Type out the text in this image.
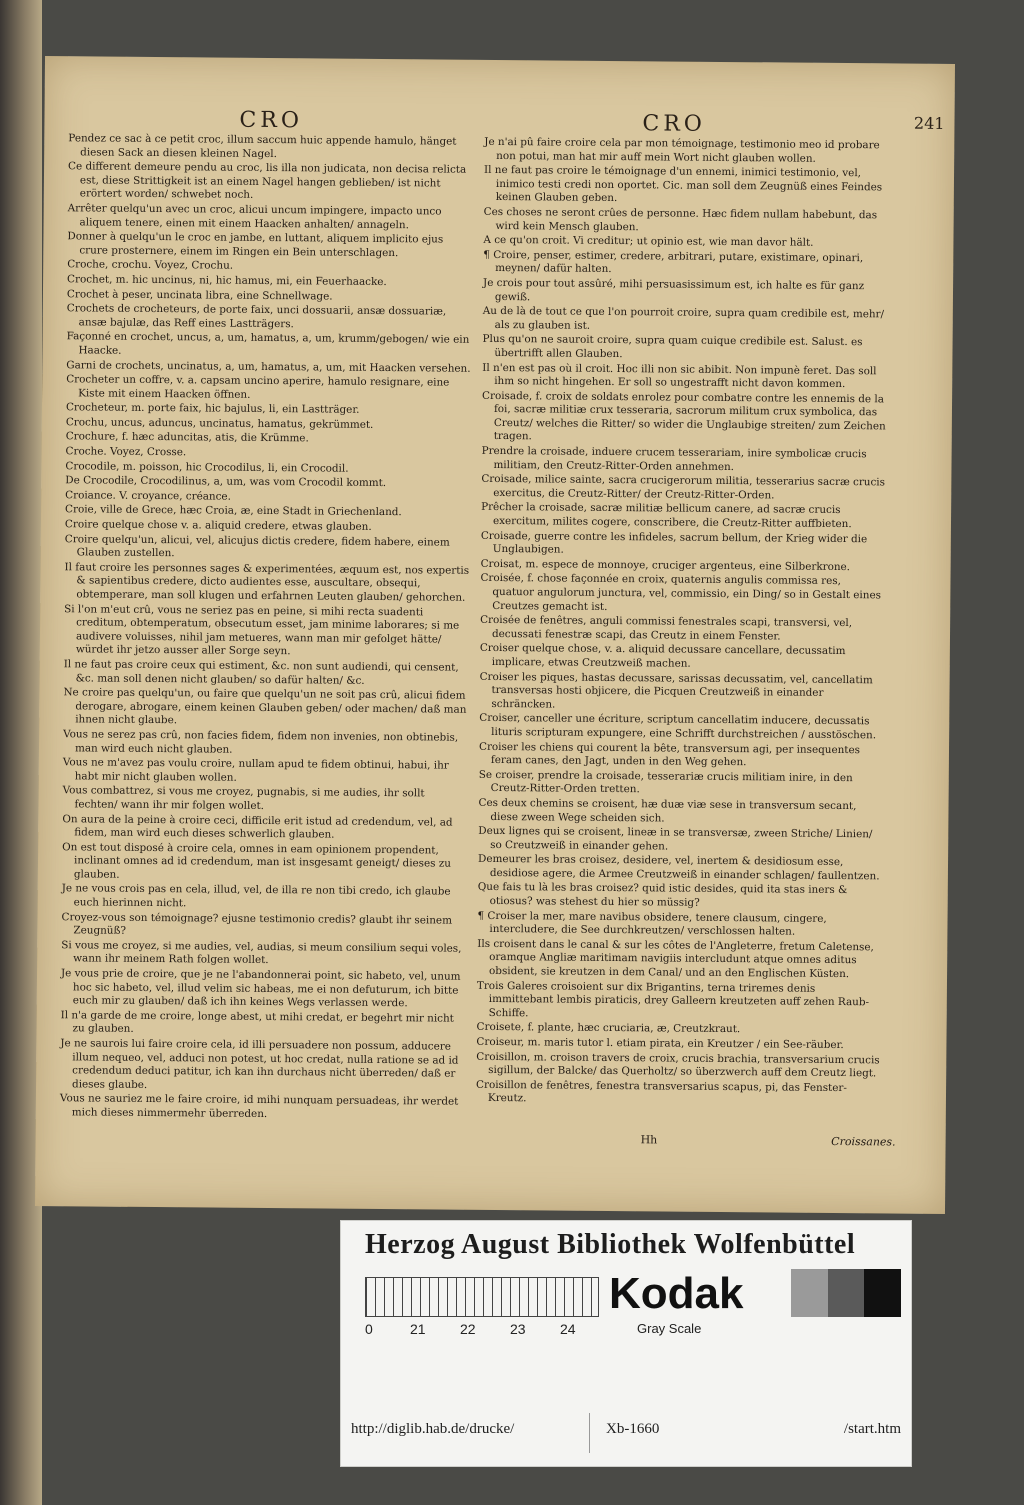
CRO	CRO	241
Pendez ce sac à ce petit croc, illum saccum huic appende hamulo, hänget diesen Sack an diesen kleinen Nagel.
Ce different demeure pendu au croc, lis illa non judicata, non decisa relicta est, diese Strittigkeit ist an einem Nagel hangen geblieben/ ist nicht erörtert worden/ schwebet noch.
Arrêter quelqu'un avec un croc, alicui uncum impingere, impacto unco aliquem tenere, einen mit einem Haacken anhalten/ annageln.
Donner à quelqu'un le croc en jambe, en luttant, aliquem implicito ejus crure prosternere, einem im Ringen ein Bein unterschlagen.
Croche, crochu. Voyez, Crochu.
Crochet, m. hic uncinus, ni, hic hamus, mi, ein Feuerhaacke.
Crochet à peser, uncinata libra, eine Schnellwage.
Crochets de crocheteurs, de porte faix, unci dossuarii, ansæ dossuariæ, ansæ bajulæ, das Reff eines Lastträgers.
Façonné en crochet, uncus, a, um, hamatus, a, um, krumm/gebogen/ wie ein Haacke.
Garni de crochets, uncinatus, a, um, hamatus, a, um, mit Haacken versehen.
Crocheter un coffre, v. a. capsam uncino aperire, hamulo resignare, eine Kiste mit einem Haacken öffnen.
Crocheteur, m. porte faix, hic bajulus, li, ein Lastträger.
Crochu, uncus, aduncus, uncinatus, hamatus, gekrümmet.
Crochure, f. hæc aduncitas, atis, die Krümme.
Croche. Voyez, Crosse.
Crocodile, m. poisson, hic Crocodilus, li, ein Crocodil.
De Crocodile, Crocodilinus, a, um, was vom Crocodil kommt.
Croiance. V. croyance, créance.
Croie, ville de Grece, hæc Croia, æ, eine Stadt in Griechenland.
Croire quelque chose v. a. aliquid credere, etwas glauben.
Croire quelqu'un, alicui, vel, alicujus dictis credere, fidem habere, einem Glauben zustellen.
Il faut croire les personnes sages & experimentées, æquum est, nos expertis & sapientibus credere, dicto audientes esse, auscultare, obsequi, obtemperare, man soll klugen und erfahrnen Leuten glauben/ gehorchen.
Si l'on m'eut crû, vous ne seriez pas en peine, si mihi recta suadenti creditum, obtemperatum, obsecutum esset, jam minime laborares; si me audivere voluisses, nihil jam metueres, wann man mir gefolget hätte/ würdet ihr jetzo ausser aller Sorge seyn.
Il ne faut pas croire ceux qui estiment, &c. non sunt audiendi, qui censent, &c. man soll denen nicht glauben/ so dafür halten/ &c.
Ne croire pas quelqu'un, ou faire que quelqu'un ne soit pas crû, alicui fidem derogare, abrogare, einem keinen Glauben geben/ oder machen/ daß man ihnen nicht glaube.
Vous ne serez pas crû, non facies fidem, fidem non invenies, non obtinebis, man wird euch nicht glauben.
Vous ne m'avez pas voulu croire, nullam apud te fidem obtinui, habui, ihr habt mir nicht glauben wollen.
Vous combattrez, si vous me croyez, pugnabis, si me audies, ihr sollt fechten/ wann ihr mir folgen wollet.
On aura de la peine à croire ceci, difficile erit istud ad credendum, vel, ad fidem, man wird euch dieses schwerlich glauben.
On est tout disposé à croire cela, omnes in eam opinionem propendent, inclinant omnes ad id credendum, man ist insgesamt geneigt/ dieses zu glauben.
Je ne vous crois pas en cela, illud, vel, de illa re non tibi credo, ich glaube euch hierinnen nicht.
Croyez-vous son témoignage? ejusne testimonio credis? glaubt ihr seinem Zeugnüß?
Si vous me croyez, si me audies, vel, audias, si meum consilium sequi voles, wann ihr meinem Rath folgen wollet.
Je vous prie de croire, que je ne l'abandonnerai point, sic habeto, vel, unum hoc sic habeto, vel, illud velim sic habeas, me ei non defuturum, ich bitte euch mir zu glauben/ daß ich ihn keines Wegs verlassen werde.
Il n'a garde de me croire, longe abest, ut mihi credat, er begehrt mir nicht zu glauben.
Je ne saurois lui faire croire cela, id illi persuadere non possum, adducere illum nequeo, vel, adduci non potest, ut hoc credat, nulla ratione se ad id credendum deduci patitur, ich kan ihn durchaus nicht überreden/ daß er dieses glaube.
Vous ne sauriez me le faire croire, id mihi nunquam persuadeas, ihr werdet mich dieses nimmermehr überreden.
Je n'ai pû faire croire cela par mon témoignage, testimonio meo id probare non potui, man hat mir auff mein Wort nicht glauben wollen.
Il ne faut pas croire le témoignage d'un ennemi, inimici testimonio, vel, inimico testi credi non oportet. Cic. man soll dem Zeugnüß eines Feindes keinen Glauben geben.
Ces choses ne seront crûes de personne. Hæc fidem nullam habebunt, das wird kein Mensch glauben.
A ce qu'on croit. Vi creditur; ut opinio est, wie man davor hält.
¶ Croire, penser, estimer, credere, arbitrari, putare, existimare, opinari, meynen/ dafür halten.
Je crois pour tout assûré, mihi persuasissimum est, ich halte es für ganz gewiß.
Au de là de tout ce que l'on pourroit croire, supra quam credibile est, mehr/ als zu glauben ist.
Plus qu'on ne sauroit croire, supra quam cuique credibile est. Salust. es übertrifft allen Glauben.
Il n'en est pas où il croit. Hoc illi non sic abibit. Non impunè feret. Das soll ihm so nicht hingehen. Er soll so ungestrafft nicht davon kommen.
Croisade, f. croix de soldats enrolez pour combatre contre les ennemis de la foi, sacræ militiæ crux tesseraria, sacrorum militum crux symbolica, das Creutz/ welches die Ritter/ so wider die Unglaubige streiten/ zum Zeichen tragen.
Prendre la croisade, induere crucem tesserariam, inire symbolicæ crucis militiam, den Creutz-Ritter-Orden annehmen.
Croisade, milice sainte, sacra crucigerorum militia, tesserarius sacræ crucis exercitus, die Creutz-Ritter/ der Creutz-Ritter-Orden.
Prêcher la croisade, sacræ militiæ bellicum canere, ad sacræ crucis exercitum, milites cogere, conscribere, die Creutz-Ritter auffbieten.
Croisade, guerre contre les infideles, sacrum bellum, der Krieg wider die Unglaubigen.
Croisat, m. espece de monnoye, cruciger argenteus, eine Silberkrone.
Croisée, f. chose façonnée en croix, quaternis angulis commissa res, quatuor angulorum junctura, vel, commissio, ein Ding/ so in Gestalt eines Creutzes gemacht ist.
Croisée de fenêtres, anguli commissi fenestrales scapi, transversi, vel, decussati fenestræ scapi, das Creutz in einem Fenster.
Croiser quelque chose, v. a. aliquid decussare cancellare, decussatim implicare, etwas Creutzweiß machen.
Croiser les piques, hastas decussare, sarissas decussatim, vel, cancellatim transversas hosti objicere, die Picquen Creutzweiß in einander schräncken.
Croiser, canceller une écriture, scriptum cancellatim inducere, decussatis lituris scripturam expungere, eine Schrifft durchstreichen / ausstöschen.
Croiser les chiens qui courent la bête, transversum agi, per insequentes feram canes, den Jagt, unden in den Weg gehen.
Se croiser, prendre la croisade, tesserariæ crucis militiam inire, in den Creutz-Ritter-Orden tretten.
Ces deux chemins se croisent, hæ duæ viæ sese in transversum secant, diese zween Wege scheiden sich.
Deux lignes qui se croisent, lineæ in se transversæ, zween Striche/ Linien/ so Creutzweiß in einander gehen.
Demeurer les bras croisez, desidere, vel, inertem & desidiosum esse, desidiose agere, die Armee Creutzweiß in einander schlagen/ faullentzen.
Que fais tu là les bras croisez? quid istic desides, quid ita stas iners & otiosus? was stehest du hier so müssig?
¶ Croiser la mer, mare navibus obsidere, tenere clausum, cingere, intercludere, die See durchkreutzen/ verschlossen halten.
Ils croisent dans le canal & sur les côtes de l'Angleterre, fretum Caletense, oramque Angliæ maritimam navigiis intercludunt atque omnes aditus obsident, sie kreutzen in dem Canal/ und an den Englischen Küsten.
Trois Galeres croisoient sur dix Brigantins, terna triremes denis immittebant lembis piraticis, drey Galleern kreutzeten auff zehen Raub-Schiffe.
Croisete, f. plante, hæc cruciaria, æ, Creutzkraut.
Croiseur, m. maris tutor l. etiam pirata, ein Kreutzer / ein See-räuber.
Croisillon, m. croison travers de croix, crucis brachia, transversarium crucis sigillum, der Balcke/ das Querholtz/ so überzwerch auff dem Creutz liegt.
Croisillon de fenêtres, fenestra transversarius scapus, pi, das Fenster-Kreutz.
Hh	Croissanes.
Herzog August Bibliothek Wolfenbüttel
0	21 22 23 24
Kodak
Gray Scale
http://diglib.hab.de/drucke/	Xb-1660	/start.htm
